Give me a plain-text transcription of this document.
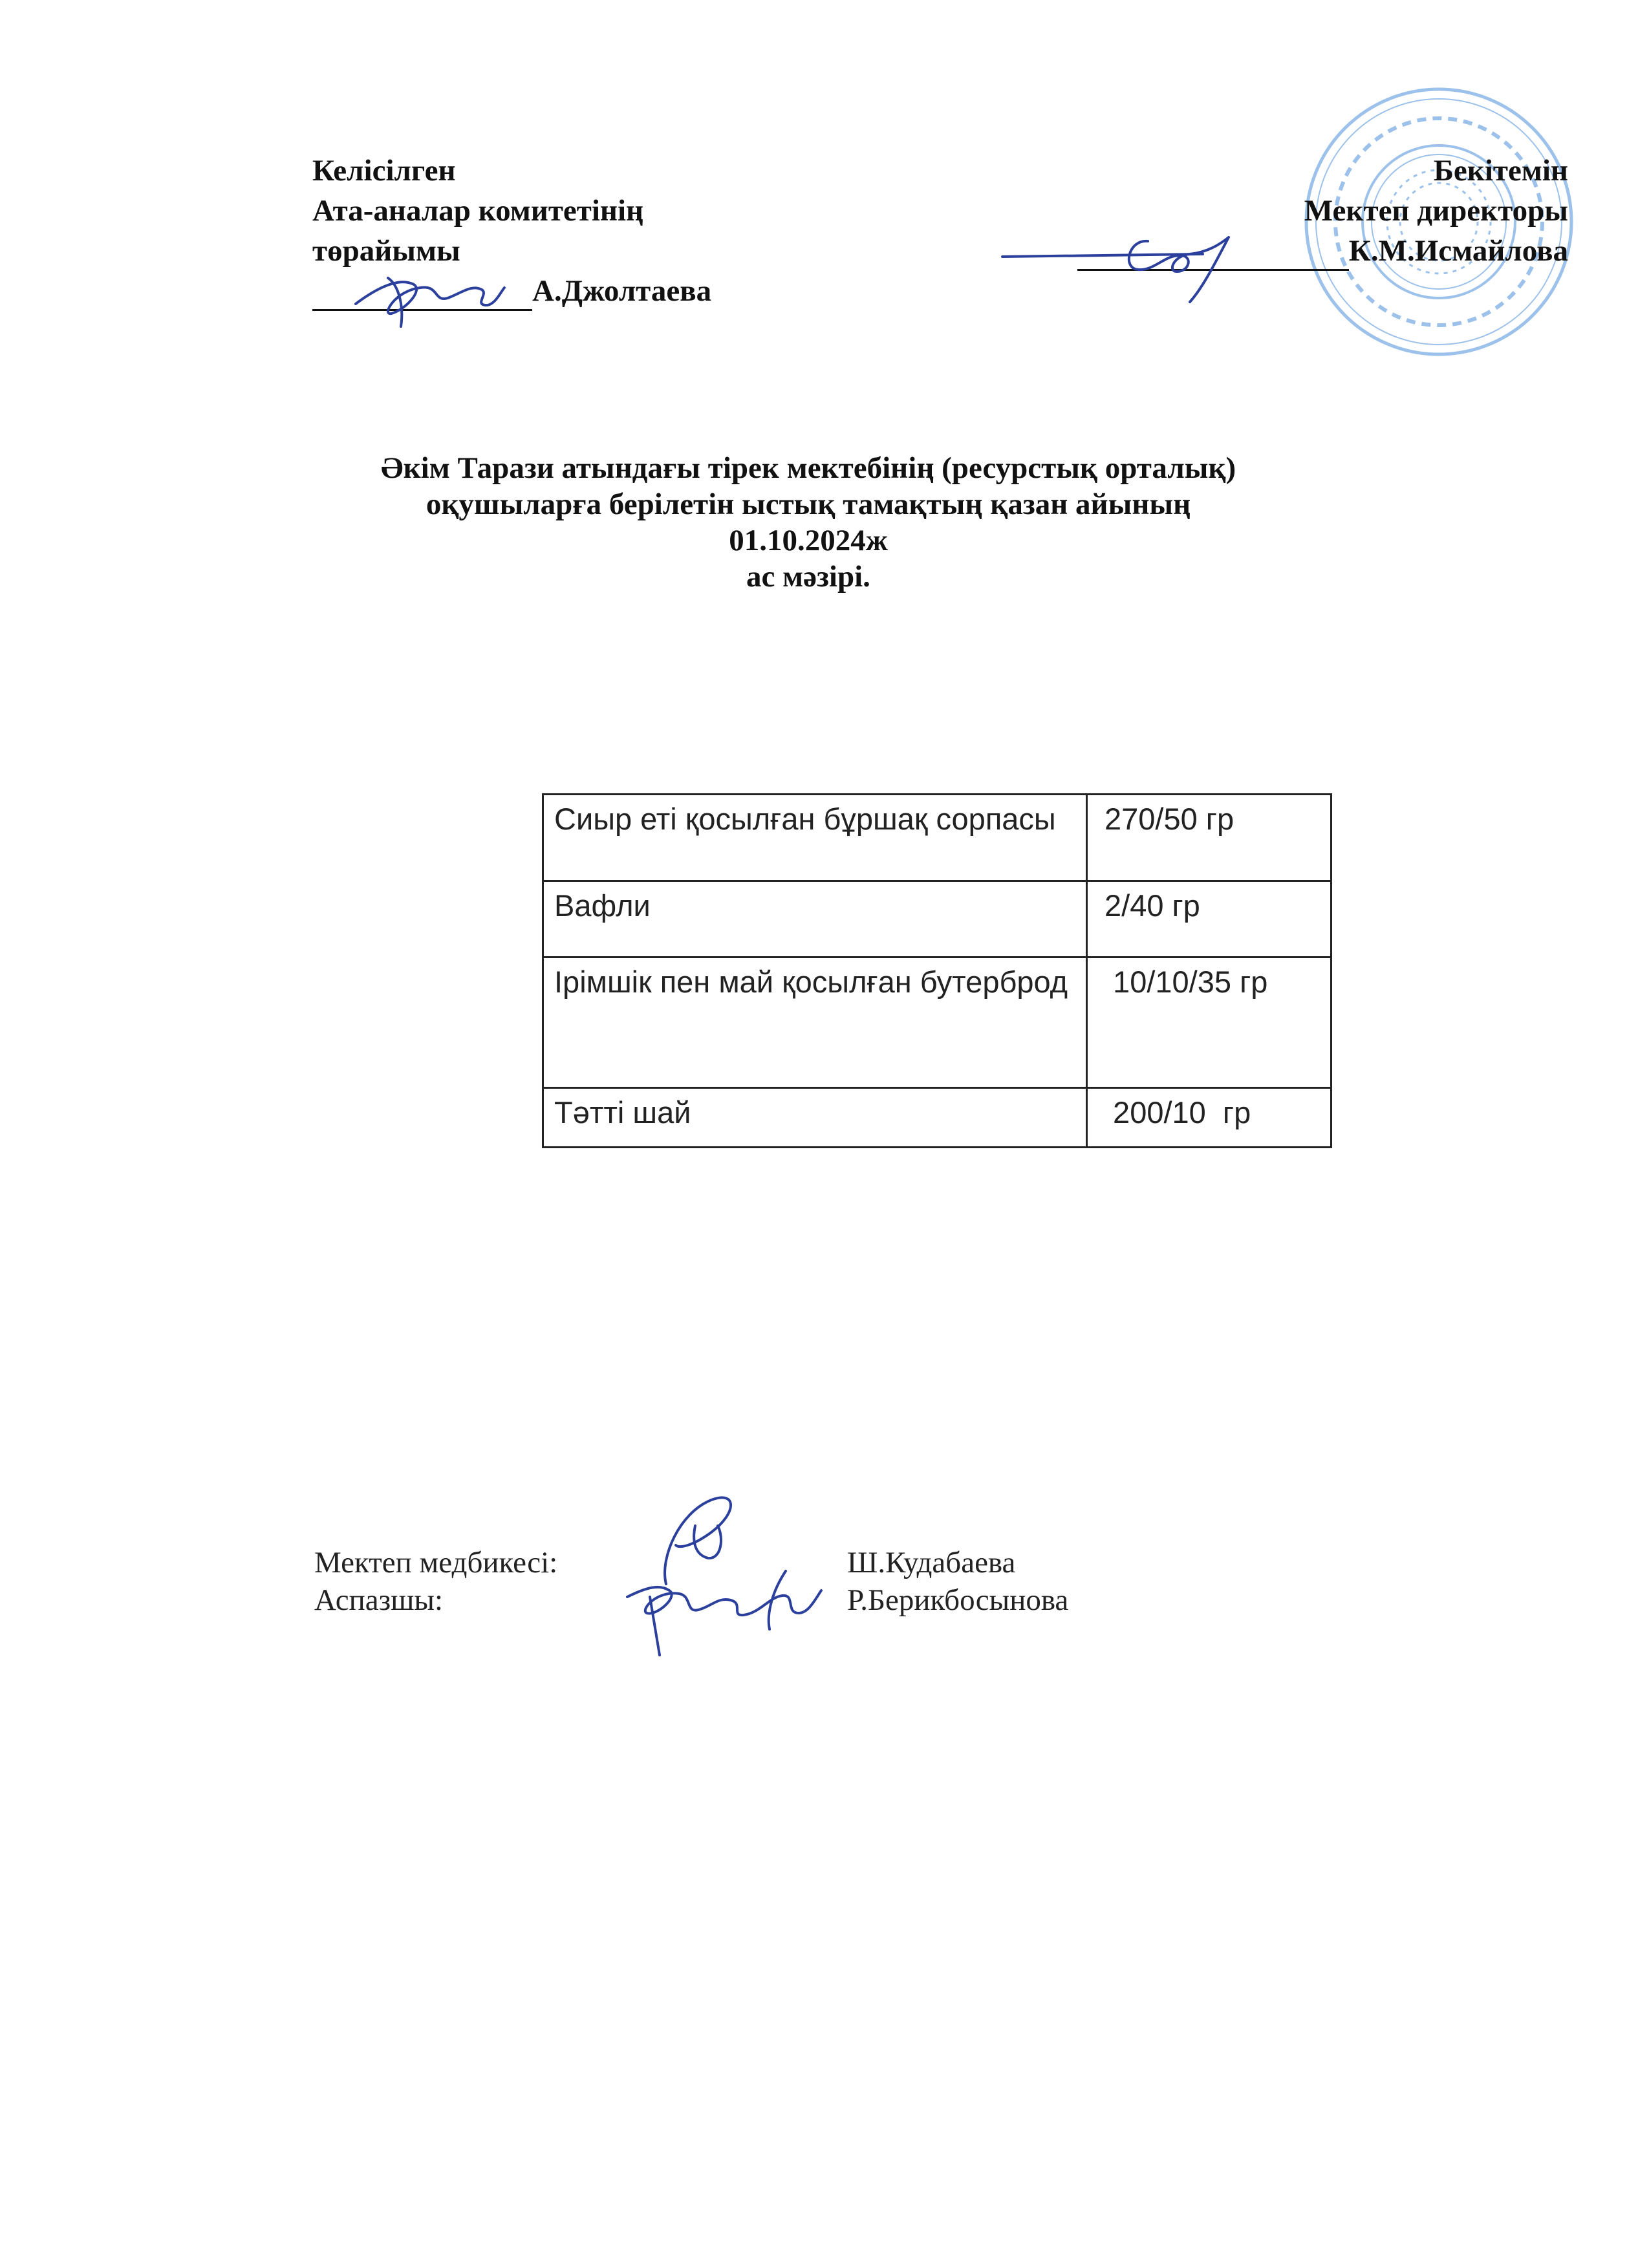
Келісілген
Ата-аналар комитетінің
төрайымы
А.Джолтаева
Бекітемін
Мектеп директоры
К.М.Исмайлова
Әкім Тарази атындағы тірек мектебінің (ресурстық орталық)
оқушыларға берілетін ыстық тамақтың қазан айының
01.10.2024ж
ас мәзірі.
Сиыр еті қосылған бұршақ сорпасы	270/50 гр
Вафли	2/40 гр
Ірімшік пен май қосылған бутерброд	10/10/35 гр
Тәтті шай	200/10  гр
Мектеп медбикесі:	Ш.Кудабаева
Аспазшы:	Р.Берикбосынова
